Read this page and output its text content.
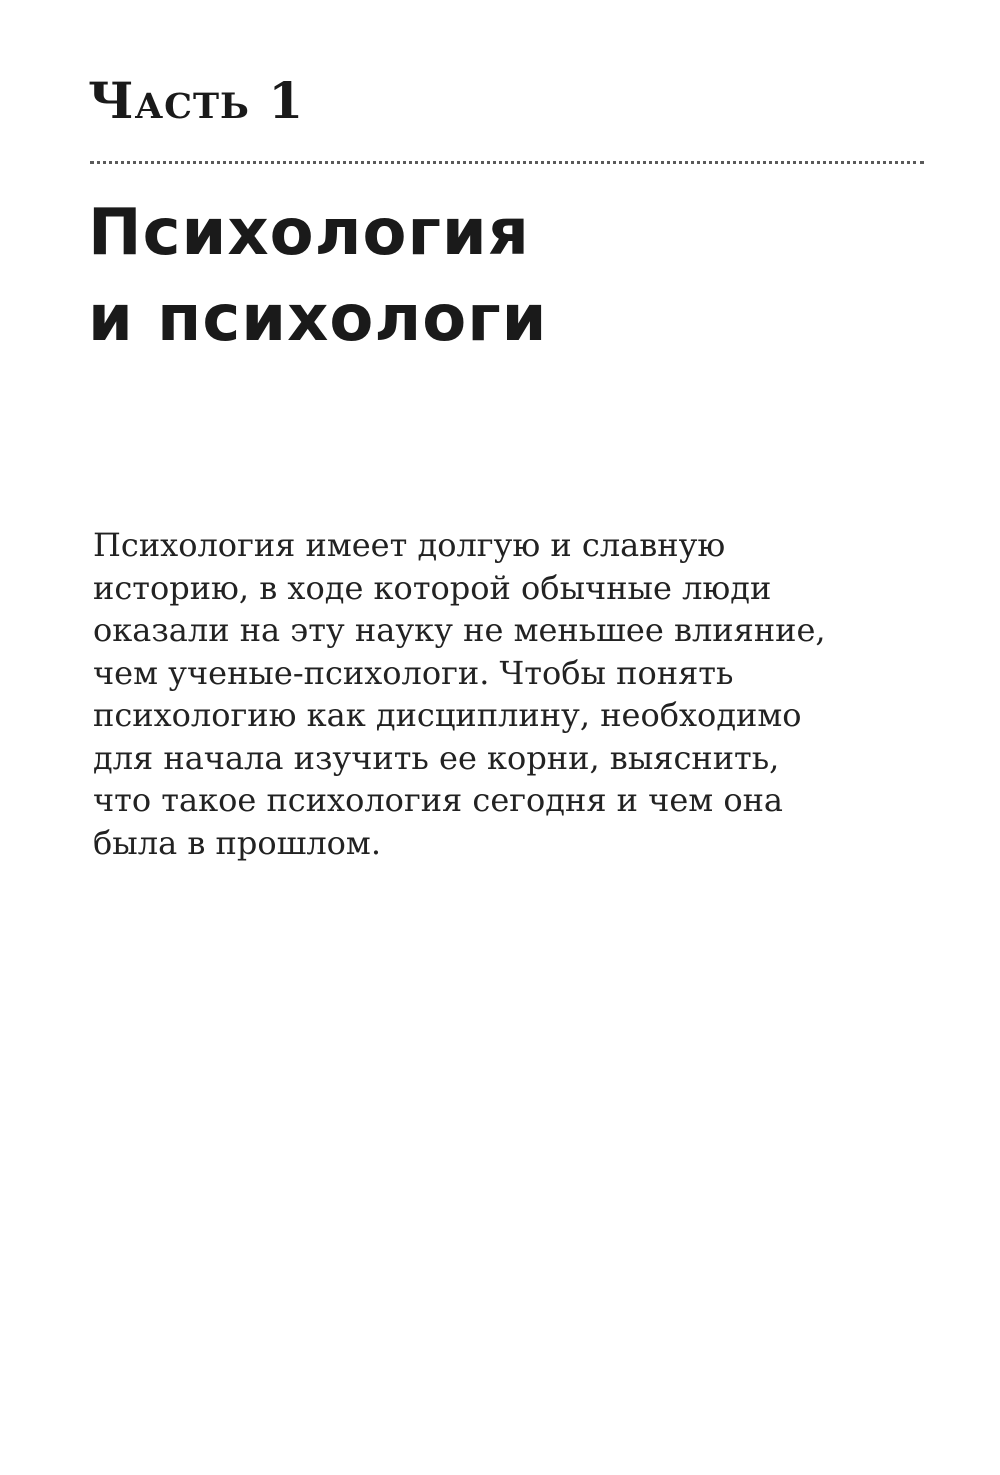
Часть 1
Психология
и психологи

Психология имеет долгую и славную
историю, в ходе которой обычные люди
оказали на эту науку не меньшее влияние,
чем ученые-психологи. Чтобы понять
психологию как дисциплину, необходимо
для начала изучить ее корни, выяснить,
что такое психология сегодня и чем она
была в прошлом.
